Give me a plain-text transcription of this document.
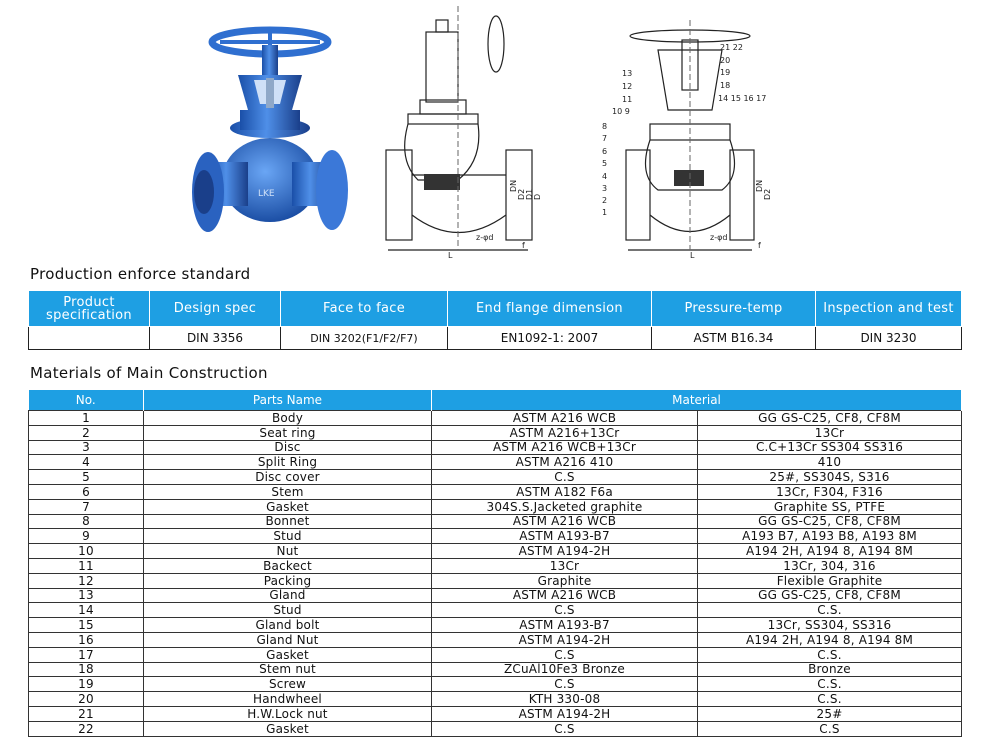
LKE
DN
D2 D1 D
L
z-φd
f
21 22
20
19
18
14 15 16 17
13
12
11
10 9
8
7
6
5
4
3
2
1
DN
D2
L
z-φd
f
Production enforce standard
Product specification	Design spec	Face to face	End flange dimension	Pressure-temp	Inspection and test
	DIN 3356	DIN 3202(F1/F2/F7)	EN1092-1: 2007	ASTM B16.34	DIN 3230
Materials of Main Construction
No.	Parts Name	Material	
1	Body	ASTM A216 WCB	GG GS-C25, CF8, CF8M
2	Seat ring	ASTM A216+13Cr	13Cr
3	Disc	ASTM A216 WCB+13Cr	C.C+13Cr SS304 SS316
4	Split Ring	ASTM A216 410	410
5	Disc cover	C.S	25#, SS304S, S316
6	Stem	ASTM A182 F6a	13Cr, F304, F316
7	Gasket	304S.S.Jacketed graphite	Graphite SS, PTFE
8	Bonnet	ASTM A216 WCB	GG GS-C25, CF8, CF8M
9	Stud	ASTM A193-B7	A193 B7, A193 B8, A193 8M
10	Nut	ASTM A194-2H	A194 2H, A194 8, A194 8M
11	Backect	13Cr	13Cr, 304, 316
12	Packing	Graphite	Flexible Graphite
13	Gland	ASTM A216 WCB	GG GS-C25, CF8, CF8M
14	Stud	C.S	C.S.
15	Gland bolt	ASTM A193-B7	13Cr, SS304, SS316
16	Gland Nut	ASTM A194-2H	A194 2H, A194 8, A194 8M
17	Gasket	C.S	C.S.
18	Stem nut	ZCuAl10Fe3 Bronze	Bronze
19	Screw	C.S	C.S.
20	Handwheel	KTH 330-08	C.S.
21	H.W.Lock nut	ASTM A194-2H	25#
22	Gasket	C.S	C.S
